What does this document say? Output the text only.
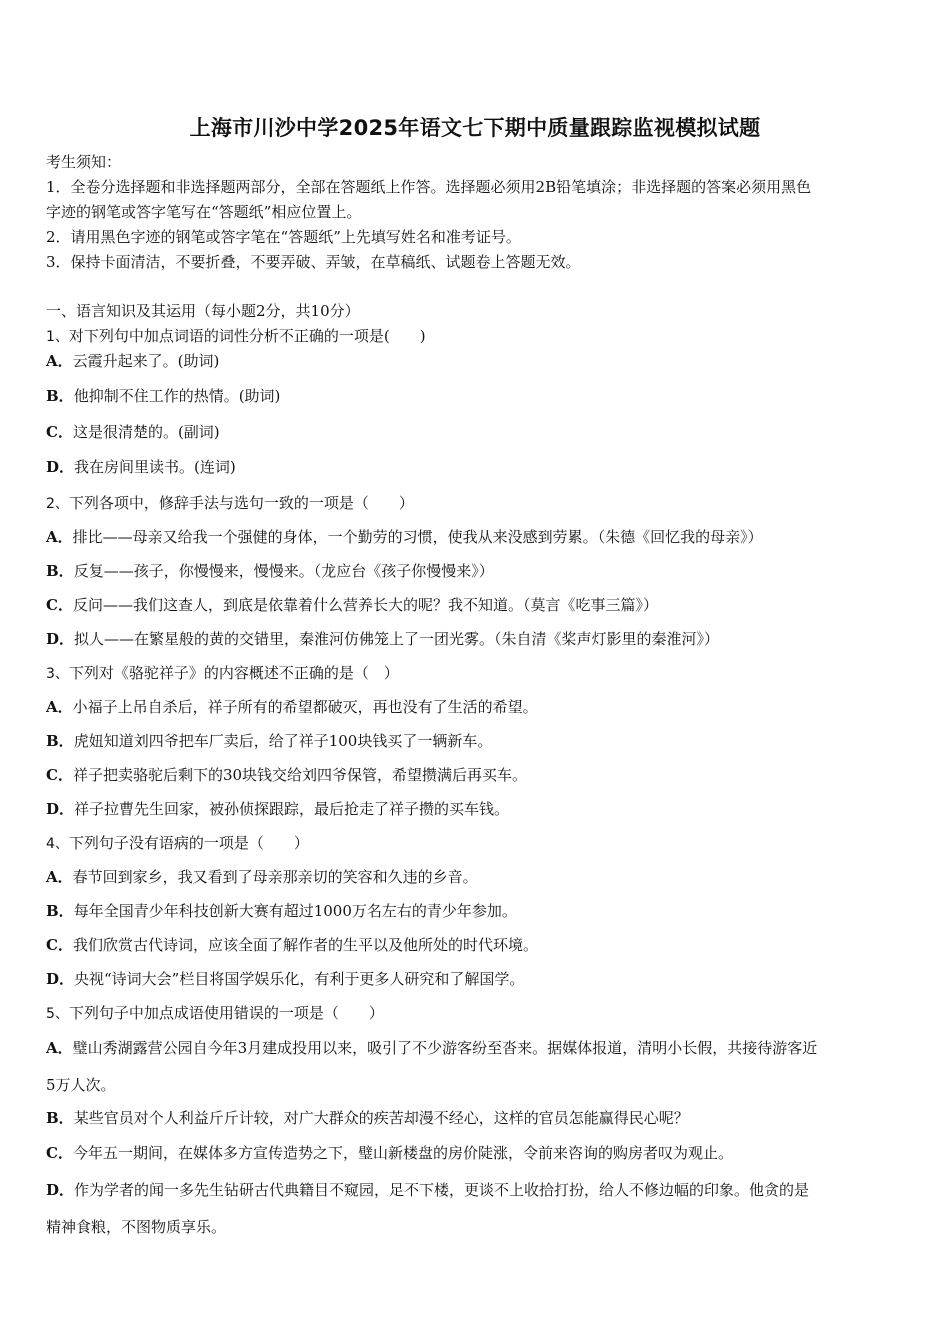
上海市川沙中学2025年语文七下期中质量跟踪监视模拟试题
考生须知：
1．全卷分选择题和非选择题两部分，全部在答题纸上作答。选择题必须用2B铅笔填涂；非选择题的答案必须用黑色
字迹的钢笔或答字笔写在“答题纸”相应位置上。
2．请用黑色字迹的钢笔或答字笔在“答题纸”上先填写姓名和准考证号。
3．保持卡面清洁，不要折叠，不要弄破、弄皱，在草稿纸、试题卷上答题无效。
一、语言知识及其运用（每小题2分，共10分）
1、对下列句中加点词语的词性分析不正确的一项是(　　)
A．云霞升起来了。(助词)
B．他抑制不住工作的热情。(助词)
C．这是很清楚的。(副词)
D．我在房间里读书。(连词)
2、下列各项中，修辞手法与选句一致的一项是（　　）
A．排比——母亲又给我一个强健的身体，一个勤劳的习惯，使我从来没感到劳累。（朱德《回忆我的母亲》）
B．反复——孩子，你慢慢来，慢慢来。（龙应台《孩子你慢慢来》）
C．反问——我们这查人，到底是依靠着什么营养长大的呢？我不知道。（莫言《吃事三篇》）
D．拟人——在繁星般的黄的交错里，秦淮河仿佛笼上了一团光雾。（朱自清《桨声灯影里的秦淮河》）
3、下列对《骆驼祥子》的内容概述不正确的是（　）
A．小福子上吊自杀后，祥子所有的希望都破灭，再也没有了生活的希望。
B．虎妞知道刘四爷把车厂卖后，给了祥子100块钱买了一辆新车。
C．祥子把卖骆驼后剩下的30块钱交给刘四爷保管，希望攒满后再买车。
D．祥子拉曹先生回家，被孙侦探跟踪，最后抢走了祥子攒的买车钱。
4、下列句子没有语病的一项是（　　）
A．春节回到家乡，我又看到了母亲那亲切的笑容和久违的乡音。
B．每年全国青少年科技创新大赛有超过1000万名左右的青少年参加。
C．我们欣赏古代诗词，应该全面了解作者的生平以及他所处的时代环境。
D．央视“诗词大会”栏目将国学娱乐化，有利于更多人研究和了解国学。
5、下列句子中加点成语使用错误的一项是（　　）
A．璧山秀湖露营公园自今年3月建成投用以来，吸引了不少游客纷至沓来。据媒体报道，清明小长假，共接待游客近
5万人次。
B．某些官员对个人利益斤斤计较，对广大群众的疾苦却漫不经心，这样的官员怎能赢得民心呢？
C．今年五一期间，在媒体多方宣传造势之下，璧山新楼盘的房价陡涨，令前来咨询的购房者叹为观止。
D．作为学者的闻一多先生钻研古代典籍目不窥园，足不下楼，更谈不上收拾打扮，给人不修边幅的印象。他贪的是
精神食粮，不图物质享乐。
